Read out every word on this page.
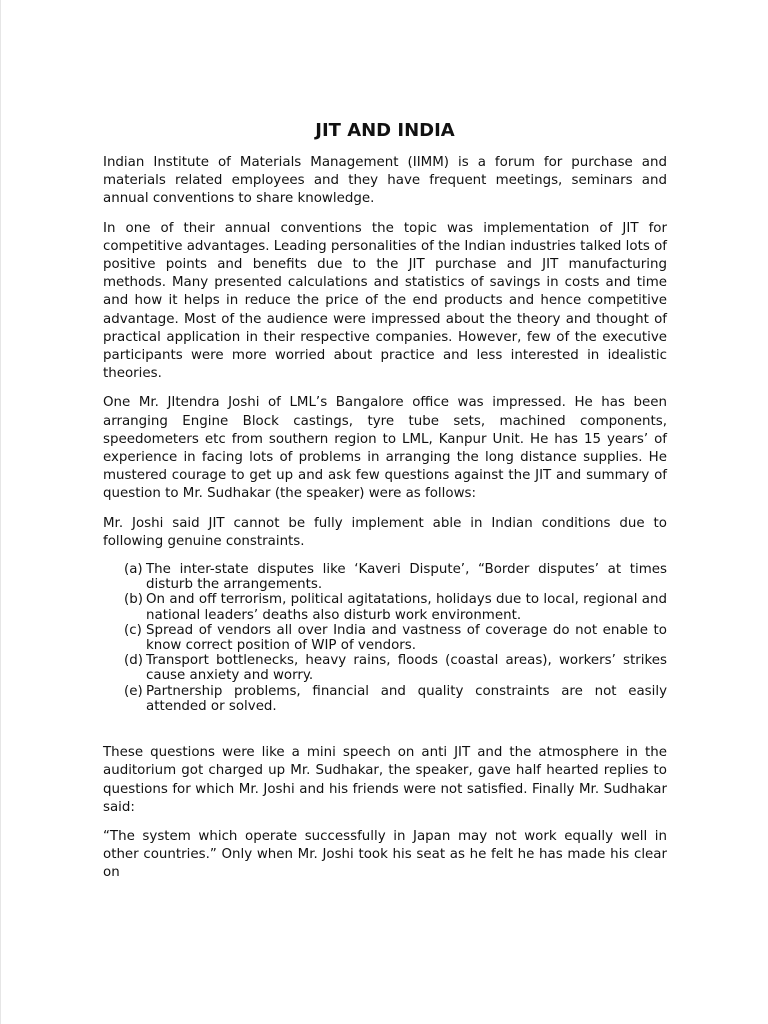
JIT AND INDIA

Indian Institute of Materials Management (IIMM) is a forum for purchase and materials related employees and they have frequent meetings, seminars and annual conventions to share knowledge.

In one of their annual conventions the topic was implementation of JIT for competitive advantages. Leading personalities of the Indian industries talked lots of positive points and benefits due to the JIT purchase and JIT manufacturing methods. Many presented calculations and statistics of savings in costs and time and how it helps in reduce the price of the end products and hence competitive advantage. Most of the audience were impressed about the theory and thought of practical application in their respective companies. However, few of the executive participants were more worried about practice and less interested in idealistic theories.

One Mr. JItendra Joshi of LML’s Bangalore office was impressed. He has been arranging Engine Block castings, tyre tube sets, machined components, speedometers etc from southern region to LML, Kanpur Unit. He has 15 years’ of experience in facing lots of problems in arranging the long distance supplies. He mustered courage to get up and ask few questions against the JIT and summary of question to Mr. Sudhakar (the speaker) were as follows:

Mr. Joshi said JIT cannot be fully implement able in Indian conditions due to following genuine constraints.

(a) The inter-state disputes like ‘Kaveri Dispute’, “Border disputes’ at times disturb the arrangements.
(b) On and off terrorism, political agitatations, holidays due to local, regional and national leaders’ deaths also disturb work environment.
(c) Spread of vendors all over India and vastness of coverage do not enable to know correct position of WIP of vendors.
(d) Transport bottlenecks, heavy rains, floods (coastal areas), workers’ strikes cause anxiety and worry.
(e) Partnership problems, financial and quality constraints are not easily attended or solved.

These questions were like a mini speech on anti JIT and the atmosphere in the auditorium got charged up Mr. Sudhakar, the speaker, gave half hearted replies to questions for which Mr. Joshi and his friends were not satisfied. Finally Mr. Sudhakar said:

“The system which operate successfully in Japan may not work equally well in other countries.” Only when Mr. Joshi took his seat as he felt he has made his clear on
